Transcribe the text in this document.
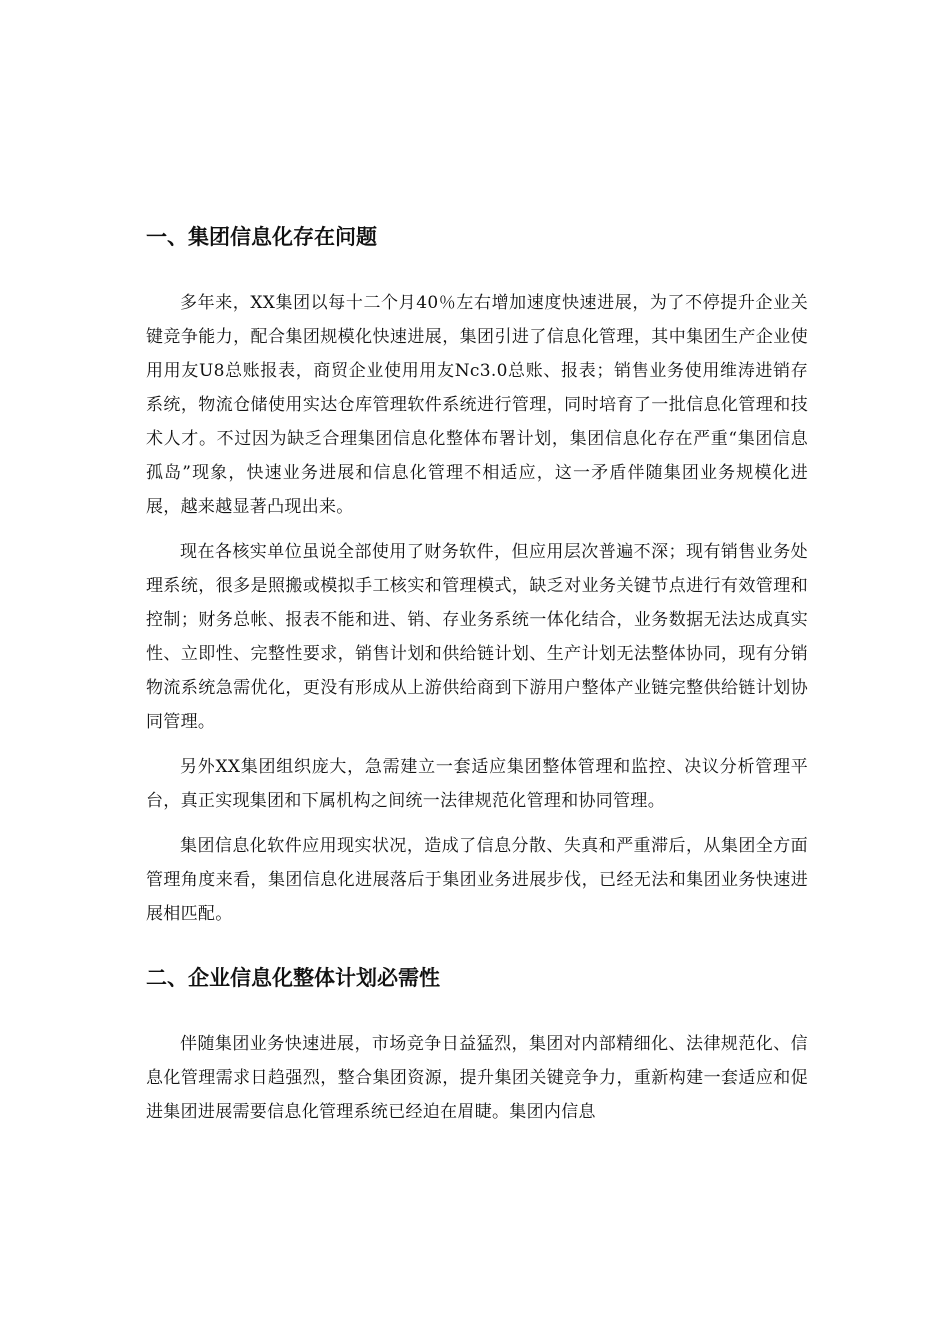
一、集团信息化存在问题

多年来，XX集团以每十二个月40％左右增加速度快速进展，为了不停提升企业关键竞争能力，配合集团规模化快速进展，集团引进了信息化管理，其中集团生产企业使用用友U8总账报表，商贸企业使用用友Nc3.0总账、报表；销售业务使用维涛进销存系统，物流仓储使用实达仓库管理软件系统进行管理，同时培育了一批信息化管理和技术人才。不过因为缺乏合理集团信息化整体布署计划，集团信息化存在严重“集团信息孤岛”现象，快速业务进展和信息化管理不相适应，这一矛盾伴随集团业务规模化进展，越来越显著凸现出来。

现在各核实单位虽说全部使用了财务软件，但应用层次普遍不深；现有销售业务处理系统，很多是照搬或模拟手工核实和管理模式，缺乏对业务关键节点进行有效管理和控制；财务总帐、报表不能和进、销、存业务系统一体化结合，业务数据无法达成真实性、立即性、完整性要求，销售计划和供给链计划、生产计划无法整体协同，现有分销物流系统急需优化，更没有形成从上游供给商到下游用户整体产业链完整供给链计划协同管理。

另外XX集团组织庞大，急需建立一套适应集团整体管理和监控、决议分析管理平台，真正实现集团和下属机构之间统一法律规范化管理和协同管理。

集团信息化软件应用现实状况，造成了信息分散、失真和严重滞后，从集团全方面管理角度来看，集团信息化进展落后于集团业务进展步伐，已经无法和集团业务快速进展相匹配。

二、企业信息化整体计划必需性

伴随集团业务快速进展，市场竞争日益猛烈，集团对内部精细化、法律规范化、信息化管理需求日趋强烈，整合集团资源，提升集团关键竞争力，重新构建一套适应和促进集团进展需要信息化管理系统已经迫在眉睫。集团内信息
